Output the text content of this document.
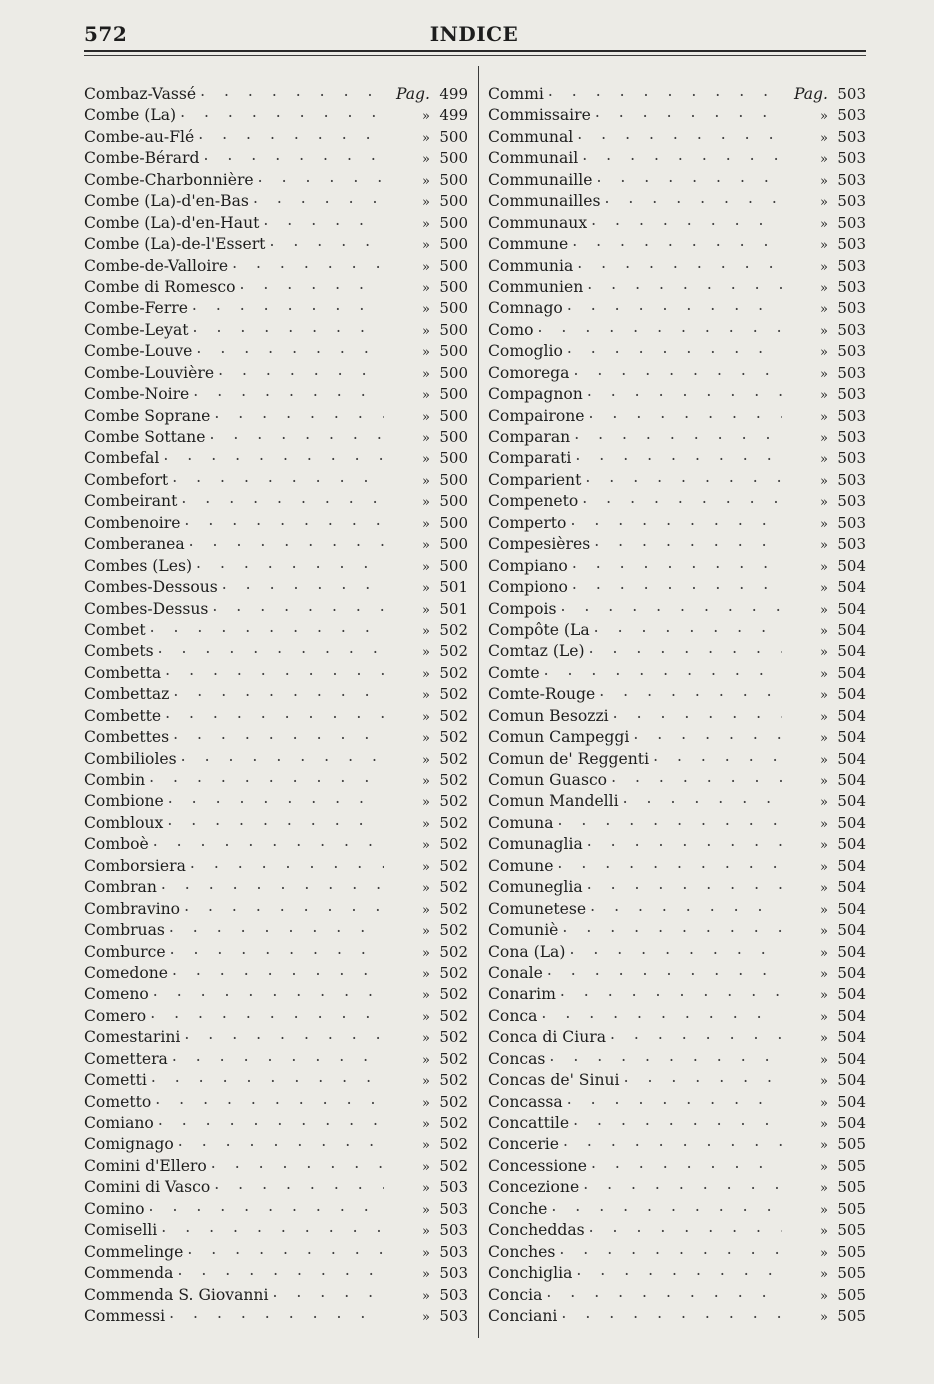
572	INDICE
Combaz-Vassé . . .	Pag. 499
Combe (La) . . .	» 499
Combe-au-Flé . . .	» 500
Combe-Bérard . . .	» 500
Combe-Charbonnière . . .	» 500
Combe (La)-d'en-Bas . . .	» 500
Combe (La)-d'en-Haut . . .	» 500
Combe (La)-de-l'Essert . . .	» 500
Combe-de-Valloire . . .	» 500
Combe di Romesco . . .	» 500
Combe-Ferre . . .	» 500
Combe-Leyat . . .	» 500
Combe-Louve . . .	» 500
Combe-Louvière . . .	» 500
Combe-Noire . . .	» 500
Combe Soprane . . .	» 500
Combe Sottane . . .	» 500
Combefal . . .	» 500
Combefort . . .	» 500
Combeirant . . .	» 500
Combenoire . . .	» 500
Comberanea . . .	» 500
Combes (Les) . . .	» 500
Combes-Dessous . . .	» 501
Combes-Dessus . . .	» 501
Combet . . .	» 502
Combets . . .	» 502
Combetta . . .	» 502
Combettaz . . .	» 502
Combette . . .	» 502
Combettes . . .	» 502
Combilioles . . .	» 502
Combin . . .	» 502
Combione . . .	» 502
Combloux . . .	» 502
Comboè . . .	» 502
Comborsiera . . .	» 502
Combran . . .	» 502
Combravino . . .	» 502
Combruas . . .	» 502
Comburce . . .	» 502
Comedone . . .	» 502
Comeno . . .	» 502
Comero . . .	» 502
Comestarini . . .	» 502
Comettera . . .	» 502
Cometti . . .	» 502
Cometto . . .	» 502
Comiano . . .	» 502
Comignago . . .	» 502
Comini d'Ellero . . .	» 502
Comini di Vasco . . .	» 503
Comino . . .	» 503
Comiselli . . .	» 503
Commelinge . . .	» 503
Commenda . . .	» 503
Commenda S. Giovanni . . .	» 503
Commessi . . .	» 503
Commi . . .	Pag. 503
Commissaire . . .	» 503
Communal . . .	» 503
Communail . . .	» 503
Communaille . . .	» 503
Communailles . . .	» 503
Communaux . . .	» 503
Commune . . .	» 503
Communia . . .	» 503
Communien . . .	» 503
Comnago . . .	» 503
Como . . .	» 503
Comoglio . . .	» 503
Comorega . . .	» 503
Compagnon . . .	» 503
Compairone . . .	» 503
Comparan . . .	» 503
Comparati . . .	» 503
Comparient . . .	» 503
Compeneto . . .	» 503
Comperto . . .	» 503
Compesières . . .	» 503
Compiano . . .	» 504
Compiono . . .	» 504
Compois . . .	» 504
Compôte (La . . .	» 504
Comtaz (Le) . . .	» 504
Comte . . .	» 504
Comte-Rouge . . .	» 504
Comun Besozzi . . .	» 504
Comun Campeggi . . .	» 504
Comun de' Reggenti . . .	» 504
Comun Guasco . . .	» 504
Comun Mandelli . . .	» 504
Comuna . . .	» 504
Comunaglia . . .	» 504
Comune . . .	» 504
Comuneglia . . .	» 504
Comunetese . . .	» 504
Comuniè . . .	» 504
Cona (La) . . .	» 504
Conale . . .	» 504
Conarim . . .	» 504
Conca . . .	» 504
Conca di Ciura . . .	» 504
Concas . . .	» 504
Concas de' Sinui . . .	» 504
Concassa . . .	» 504
Concattile . . .	» 504
Concerie . . .	» 505
Concessione . . .	» 505
Concezione . . .	» 505
Conche . . .	» 505
Concheddas . . .	» 505
Conches . . .	» 505
Conchiglia . . .	» 505
Concia . . .	» 505
Conciani . . .	» 505
